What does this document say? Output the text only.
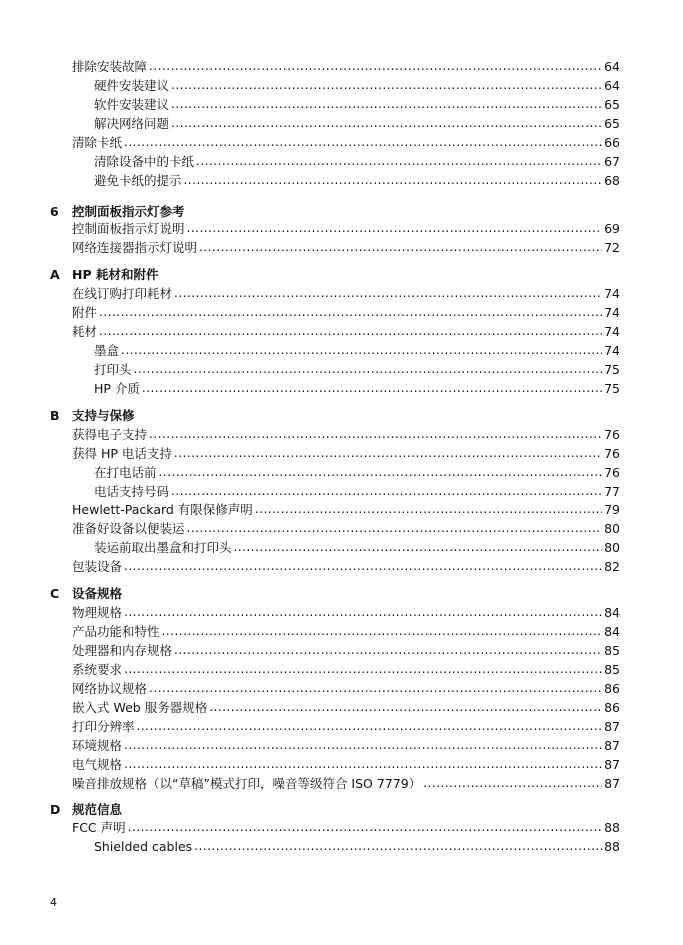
排除安装故障 .....	64
硬件安装建议 .....	64
软件安装建议 .....	65
解决网络问题 .....	65
清除卡纸 .....	66
清除设备中的卡纸 .....	67
避免卡纸的提示 .....	68
6 控制面板指示灯参考
控制面板指示灯说明 .....	69
网络连接器指示灯说明 .....	72
A HP 耗材和附件
在线订购打印耗材 .....	74
附件 .....	74
耗材 .....	74
墨盒 .....	74
打印头 .....	75
HP 介质 .....	75
B 支持与保修
获得电子支持 .....	76
获得 HP 电话支持 .....	76
在打电话前 .....	76
电话支持号码 .....	77
Hewlett-Packard 有限保修声明 .....	79
准备好设备以便装运 .....	80
装运前取出墨盒和打印头 .....	80
包装设备 .....	82
C 设备规格
物理规格 .....	84
产品功能和特性 .....	84
处理器和内存规格 .....	85
系统要求 .....	85
网络协议规格 .....	86
嵌入式 Web 服务器规格 .....	86
打印分辨率 .....	87
环境规格 .....	87
电气规格 .....	87
噪音排放规格（以“草稿”模式打印，噪音等级符合 ISO 7779） .....	87
D 规范信息
FCC 声明 .....	88
Shielded cables .....	88
4
